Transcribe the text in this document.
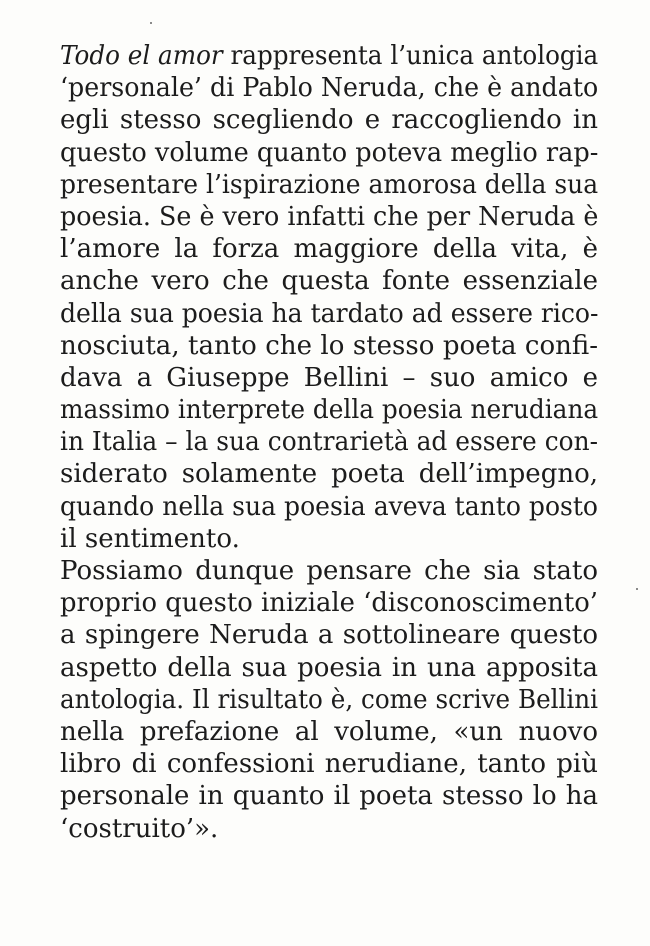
Todo el amor rappresenta l’unica antologia
‘personale’ di Pablo Neruda, che è andato
egli stesso scegliendo e raccogliendo in
questo volume quanto poteva meglio rap-
presentare l’ispirazione amorosa della sua
poesia. Se è vero infatti che per Neruda è
l’amore la forza maggiore della vita, è
anche vero che questa fonte essenziale
della sua poesia ha tardato ad essere rico-
nosciuta, tanto che lo stesso poeta confi-
dava a Giuseppe Bellini – suo amico e
massimo interprete della poesia nerudiana
in Italia – la sua contrarietà ad essere con-
siderato solamente poeta dell’impegno,
quando nella sua poesia aveva tanto posto
il sentimento.
Possiamo dunque pensare che sia stato
proprio questo iniziale ‘disconoscimento’
a spingere Neruda a sottolineare questo
aspetto della sua poesia in una apposita
antologia. Il risultato è, come scrive Bellini
nella prefazione al volume, «un nuovo
libro di confessioni nerudiane, tanto più
personale in quanto il poeta stesso lo ha
‘costruito’».
